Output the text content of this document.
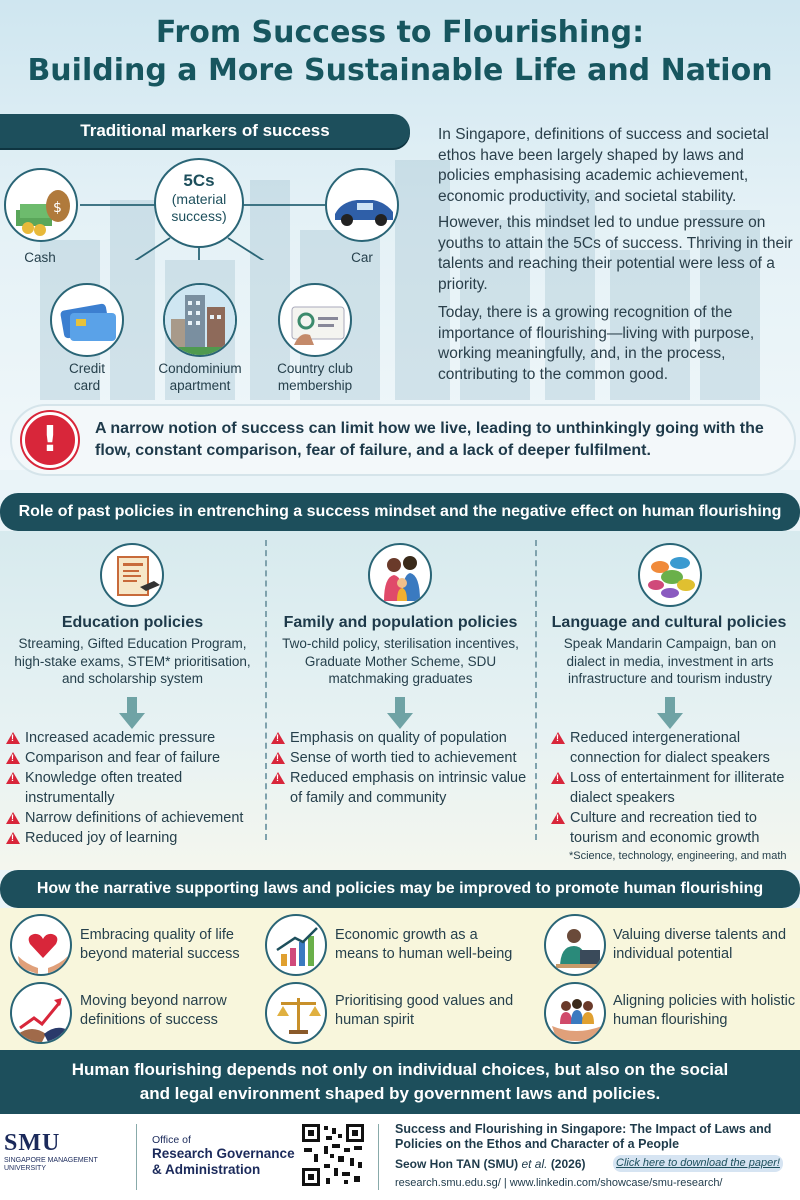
From Success to Flourishing:
Building a More Sustainable Life and Nation
Traditional markers of success
$
Cash
5Cs
(material
success)
Car
Credit
card
Condominium
apartment
Country club
membership
In Singapore, definitions of success and societal ethos have been largely shaped by laws and policies emphasising academic achievement, economic productivity, and societal stability.
However, this mindset led to undue pressure on youths to attain the 5Cs of success. Thriving in their talents and reaching their potential were less of a priority.
Today, there is a growing recognition of the importance of flourishing—living with purpose, working meaningfully, and, in the process, contributing to the common good.
!	A narrow notion of success can limit how we live, leading to unthinkingly going with the flow, constant comparison, fear of failure, and a lack of deeper fulfilment.
Role of past policies in entrenching a success mindset and the negative effect on human flourishing
Education policies
Streaming, Gifted Education Program, high-stake exams, STEM* prioritisation, and scholarship system
Increased academic pressure !
Comparison and fear of failure !
Knowledge often treated instrumentally !
Narrow definitions of achievement !
Reduced joy of learning !
Family and population policies
Two-child policy, sterilisation incentives, Graduate Mother Scheme, SDU matchmaking graduates
Emphasis on quality of population !
Sense of worth tied to achievement !
Reduced emphasis on intrinsic value of family and community !
Language and cultural policies
Speak Mandarin Campaign, ban on dialect in media, investment in arts infrastructure and tourism industry
Reduced intergenerational connection for dialect speakers !
Loss of entertainment for illiterate dialect speakers !
Culture and recreation tied to tourism and economic growth !
*Science, technology, engineering, and math
How the narrative supporting laws and policies may be improved to promote human flourishing
Embracing quality of life beyond material success
Economic growth as a means to human well-being
Valuing diverse talents and individual potential
Moving beyond narrow definitions of success
Prioritising good values and human spirit
Aligning policies with holistic human flourishing
Human flourishing depends not only on individual choices, but also on the social
and legal environment shaped by government laws and policies.
SMU
SINGAPORE MANAGEMENT
UNIVERSITY
Office of
Research Governance
& Administration
Success and Flourishing in Singapore: The Impact of Laws and Policies on the Ethos and Character of a People
Seow Hon TAN (SMU) et al. (2026)	Click here to download the paper!
research.smu.edu.sg/ | www.linkedin.com/showcase/smu-research/
